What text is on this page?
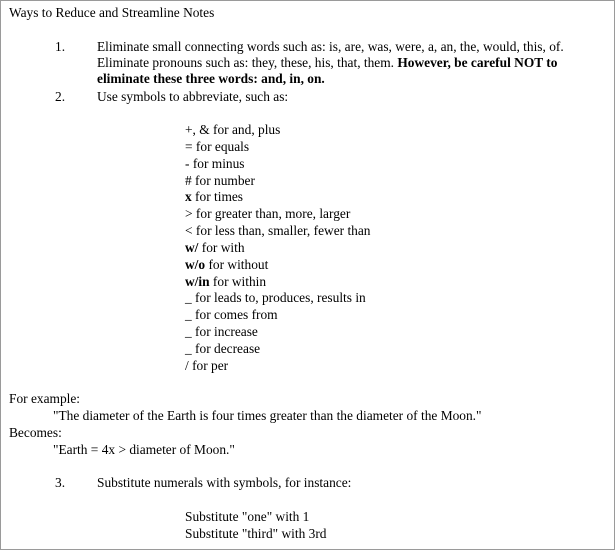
Ways to Reduce and Streamline Notes
1. Eliminate small connecting words such as: is, are, was, were, a, an, the, would, this, of.
Eliminate pronouns such as: they, these, his, that, them. However, be careful NOT to
eliminate these three words: and, in, on.
2. Use symbols to abbreviate, such as:
+, & for and, plus
= for equals
- for minus
# for number
x for times
> for greater than, more, larger
< for less than, smaller, fewer than
w/ for with
w/o for without
w/in for within
_ for leads to, produces, results in
_ for comes from
_ for increase
_ for decrease
/ for per
For example:
"The diameter of the Earth is four times greater than the diameter of the Moon."
Becomes:
"Earth = 4x > diameter of Moon."
3. Substitute numerals with symbols, for instance:
Substitute "one" with 1
Substitute "third" with 3rd
